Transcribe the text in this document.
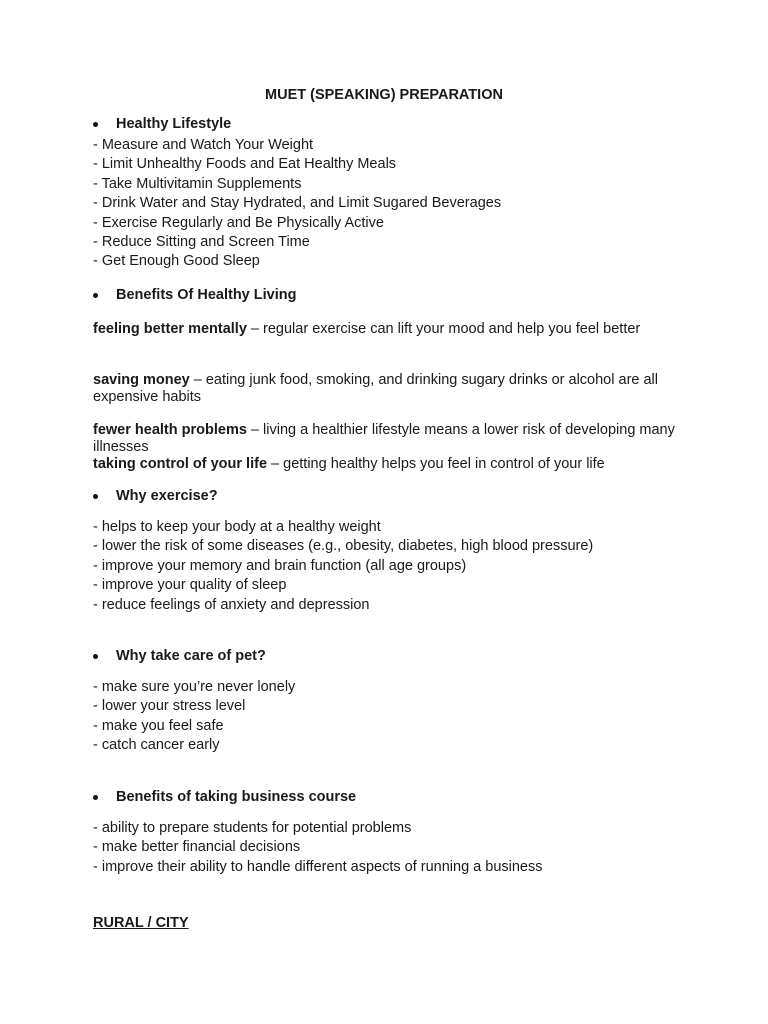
MUET (SPEAKING) PREPARATION
Healthy Lifestyle
- Measure and Watch Your Weight
- Limit Unhealthy Foods and Eat Healthy Meals
- Take Multivitamin Supplements
- Drink Water and Stay Hydrated, and Limit Sugared Beverages
- Exercise Regularly and Be Physically Active
- Reduce Sitting and Screen Time
- Get Enough Good Sleep
Benefits Of Healthy Living

feeling better mentally – regular exercise can lift your mood and help you feel better

saving money – eating junk food, smoking, and drinking sugary drinks or alcohol are all expensive habits

fewer health problems – living a healthier lifestyle means a lower risk of developing many illnesses

taking control of your life – getting healthy helps you feel in control of your life

Why exercise?
- helps to keep your body at a healthy weight
- lower the risk of some diseases (e.g., obesity, diabetes, high blood pressure)
- improve your memory and brain function (all age groups)
- improve your quality of sleep
- reduce feelings of anxiety and depression
Why take care of pet?
- make sure you’re never lonely
- lower your stress level
- make you feel safe
- catch cancer early
Benefits of taking business course
- ability to prepare students for potential problems
- make better financial decisions
- improve their ability to handle different aspects of running a business
RURAL / CITY
